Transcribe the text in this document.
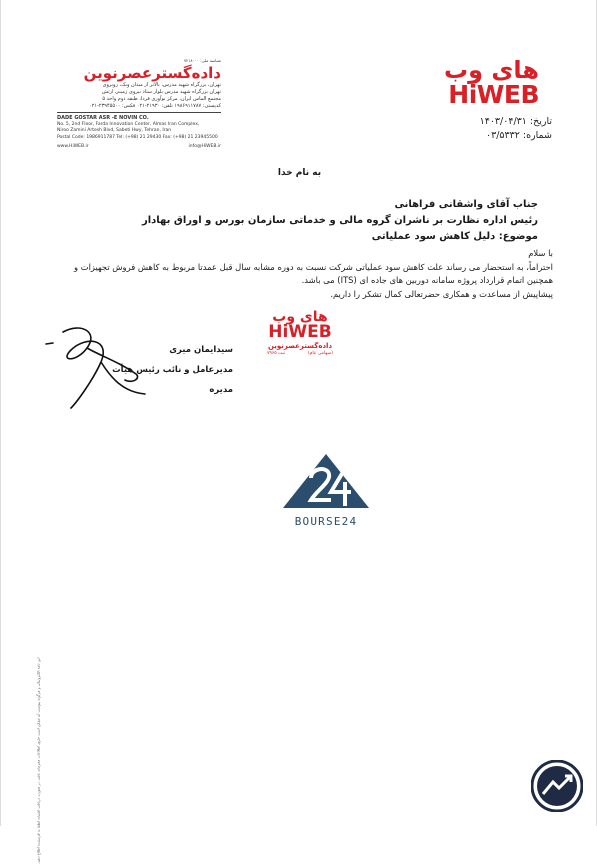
شناسه ملی: ۷۲۱۸۰۰۰
داده‌گسترعصرنوین
تهران، بزرگراه شهید مدرس، بالاتر از میدان ونک، روبروی
تهران بزرگراه شهید مدرس بلوار ستاد نیروی زمینی ارتش
مجتمع الماس ایران، مرکز نوآوری فردا، طبقه دوم واحد ۵
کدپستی: ۱۹۸۶۹۱۱۷۸۷ تلفن: ۲۱۹۳۰-۰۲۱ فکس: ۲۳۹۴۵۵۰۰-۰۲۱
DADE GOSTAR ASR -E NOVIN CO.
No. 5, 2nd Floor, Farda Innovation Center, Almas Iran Complex,
Niroo Zamini Artesh Blvd, Sabeti Hwy, Tehran, Iran
Postal Code: 1986911787 Tel: (+98) 21 29430 Fax: (+98) 21 23945500
www.HiWEB.ir	info@HiWEB.ir
های وب
HiWEB
تاریخ: ۱۴۰۳/۰۴/۳۱
شماره: ۰۳/۵۳۳۲
به نام خدا
جناب آقای واشقانی فراهانی
رئیس اداره نظارت بر ناشران گروه مالی و خدماتی سازمان بورس و اوراق بهادار
موضوع: دلیل کاهش سود عملیاتی
با سلام
احتراماً، به استحضار می رساند علت کاهش سود عملیاتی شرکت نسبت به دوره مشابه سال قبل عمدتا مربوط به کاهش فروش تجهیزات و
همچنین اتمام قرارداد پروژه سامانه دوربین های جاده ای (ITS) می باشد.
پیشاپیش از مساعدت و همکاری حضرتعالی کمال تشکر را داریم.
سیدایمان میری
مدیرعامل و نائب رئیس هیأت مدیره
های وب
HiWEB
داده‌گسترعصرنوین
(سهامی عام)
ثبت ۷۹۶۵
BOURSE24
این نامه الکترونیکی و هرگونه پیوست آن ممکن است حاوی اطلاعات محرمانه باشد. در صورت دریافت اشتباه، لطفا به فرستنده اطلاع دهید.
